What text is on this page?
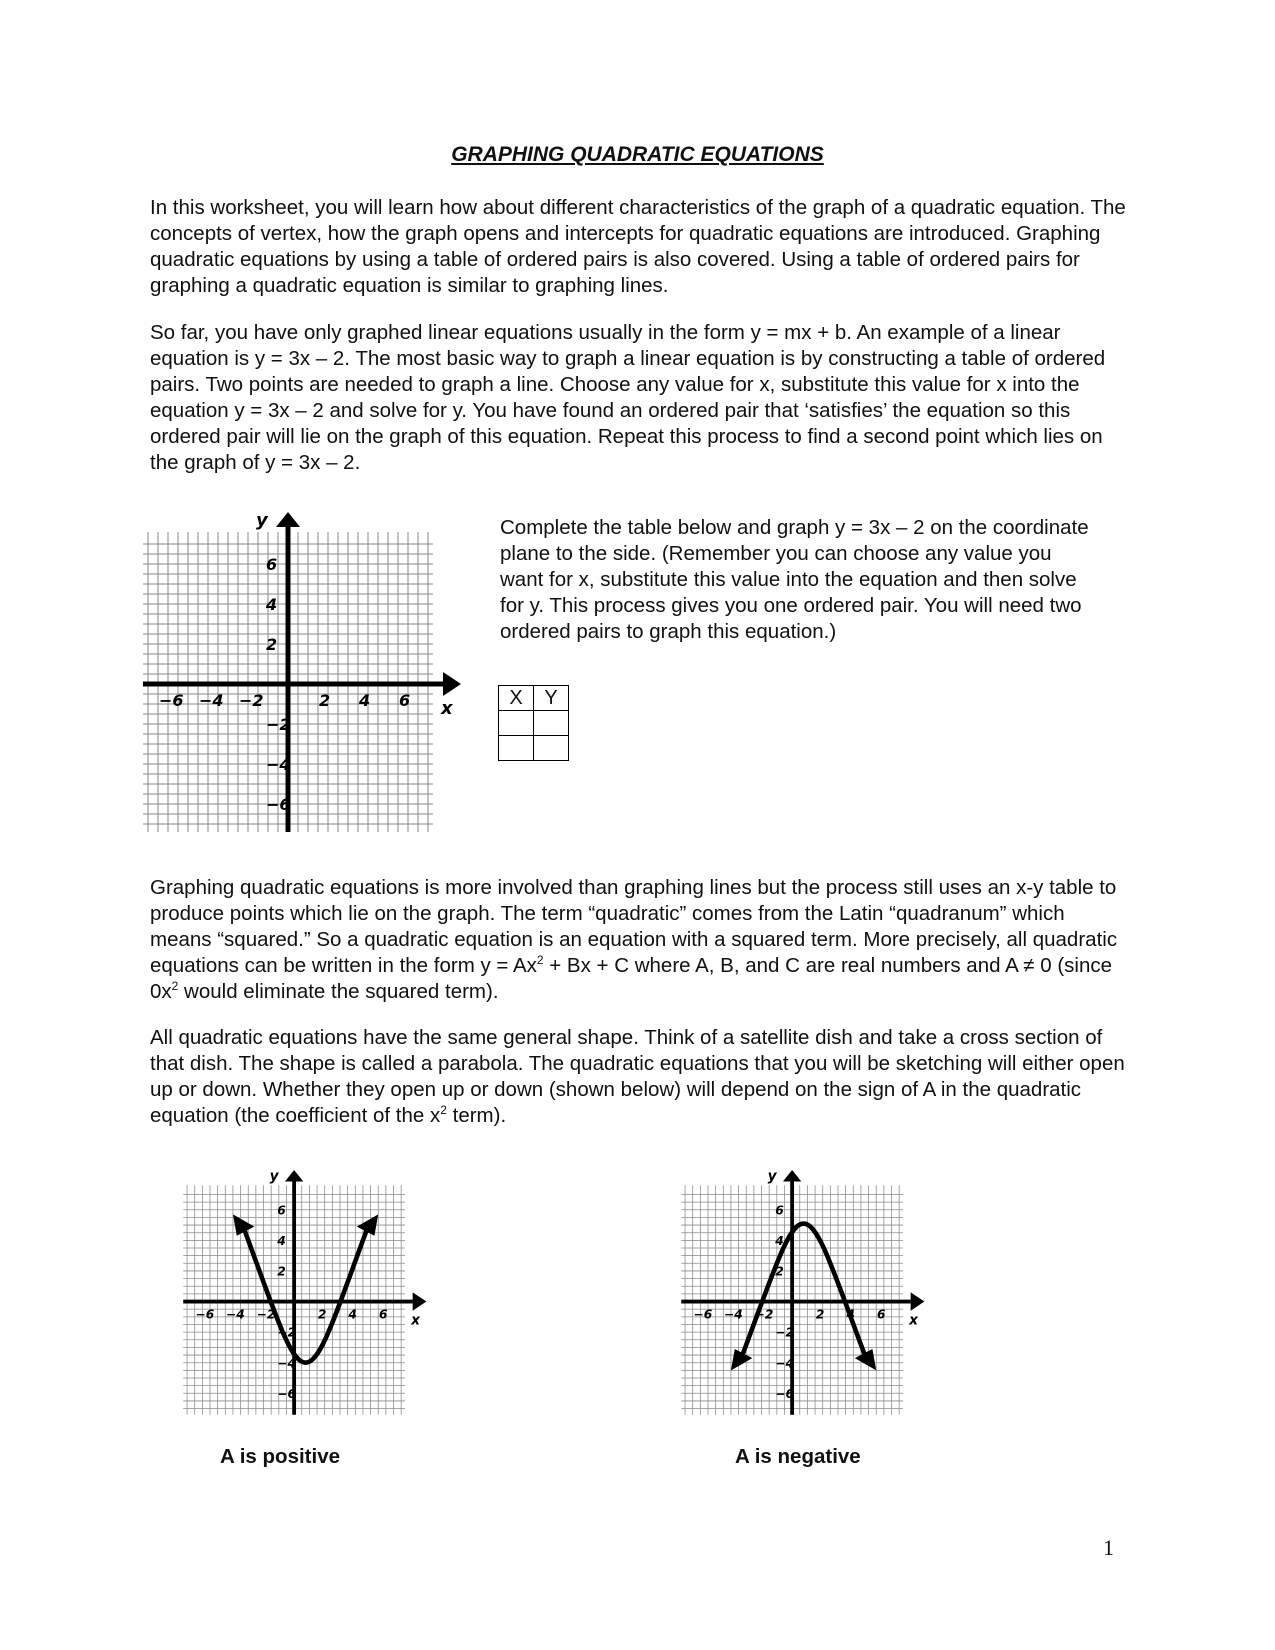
GRAPHING QUADRATIC EQUATIONS

In this worksheet, you will learn how about different characteristics of the graph of a quadratic equation. The concepts of vertex, how the graph opens and intercepts for quadratic equations are introduced. Graphing quadratic equations by using a table of ordered pairs is also covered. Using a table of ordered pairs for graphing a quadratic equation is similar to graphing lines.

So far, you have only graphed linear equations usually in the form y = mx + b. An example of a linear equation is y = 3x – 2. The most basic way to graph a linear equation is by constructing a table of ordered pairs. Two points are needed to graph a line. Choose any value for x, substitute this value for x into the equation y = 3x – 2 and solve for y. You have found an ordered pair that ‘satisfies’ the equation so this ordered pair will lie on the graph of this equation. Repeat this process to find a second point which lies on the graph of y = 3x – 2.

−6 −4 −2	2 4 6
6
4
2
−2
−4
−6
y
x

Complete the table below and graph y = 3x – 2 on the coordinate plane to the side. (Remember you can choose any value you want for x, substitute this value into the equation and then solve for y. This process gives you one ordered pair. You will need two ordered pairs to graph this equation.)

X	Y

Graphing quadratic equations is more involved than graphing lines but the process still uses an x-y table to produce points which lie on the graph. The term “quadratic” comes from the Latin “quadranum” which means “squared.” So a quadratic equation is an equation with a squared term. More precisely, all quadratic equations can be written in the form $y = Ax^2 + Bx + C$ where A, B, and C are real numbers and A ≠ 0 (since $0x^2$ would eliminate the squared term).

All quadratic equations have the same general shape. Think of a satellite dish and take a cross section of that dish. The shape is called a parabola. The quadratic equations that you will be sketching will either open up or down. Whether they open up or down (shown below) will depend on the sign of A in the quadratic equation (the coefficient of the $x^2$ term).

−6 −4 −2	2 4 6
6
4
2
−2
−4
−6
y
x	−6 −4 −2	2 4 6
6
4
2
−2
−4
−6
y
x
A is positive	A is negative
1
